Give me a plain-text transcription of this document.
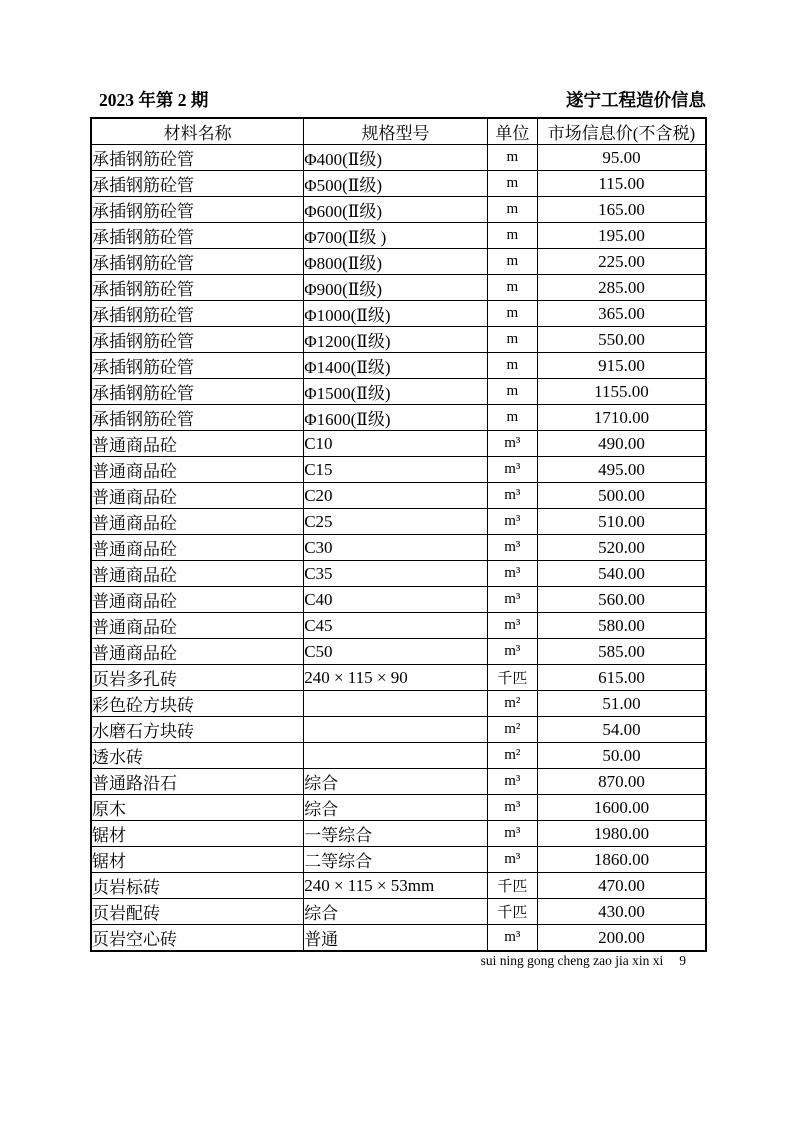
2023 年第 2 期	遂宁工程造价信息
材料名称	规格型号	单位	市场信息价(不含税)
承插钢筋砼管	Φ400(Ⅱ级)	m	95.00
承插钢筋砼管	Φ500(Ⅱ级)	m	115.00
承插钢筋砼管	Φ600(Ⅱ级)	m	165.00
承插钢筋砼管	Φ700(Ⅱ级 )	m	195.00
承插钢筋砼管	Φ800(Ⅱ级)	m	225.00
承插钢筋砼管	Φ900(Ⅱ级)	m	285.00
承插钢筋砼管	Φ1000(Ⅱ级)	m	365.00
承插钢筋砼管	Φ1200(Ⅱ级)	m	550.00
承插钢筋砼管	Φ1400(Ⅱ级)	m	915.00
承插钢筋砼管	Φ1500(Ⅱ级)	m	1155.00
承插钢筋砼管	Φ1600(Ⅱ级)	m	1710.00
普通商品砼	C10	m³	490.00
普通商品砼	C15	m³	495.00
普通商品砼	C20	m³	500.00
普通商品砼	C25	m³	510.00
普通商品砼	C30	m³	520.00
普通商品砼	C35	m³	540.00
普通商品砼	C40	m³	560.00
普通商品砼	C45	m³	580.00
普通商品砼	C50	m³	585.00
页岩多孔砖	240 × 115 × 90	千匹	615.00
彩色砼方块砖		m²	51.00
水磨石方块砖		m²	54.00
透水砖		m²	50.00
普通路沿石	综合	m³	870.00
原木	综合	m³	1600.00
锯材	一等综合	m³	1980.00
锯材	二等综合	m³	1860.00
贞岩标砖	240 × 115 × 53mm	千匹	470.00
页岩配砖	综合	千匹	430.00
页岩空心砖	普通	m³	200.00
sui ning gong cheng zao jia xin xi 9
